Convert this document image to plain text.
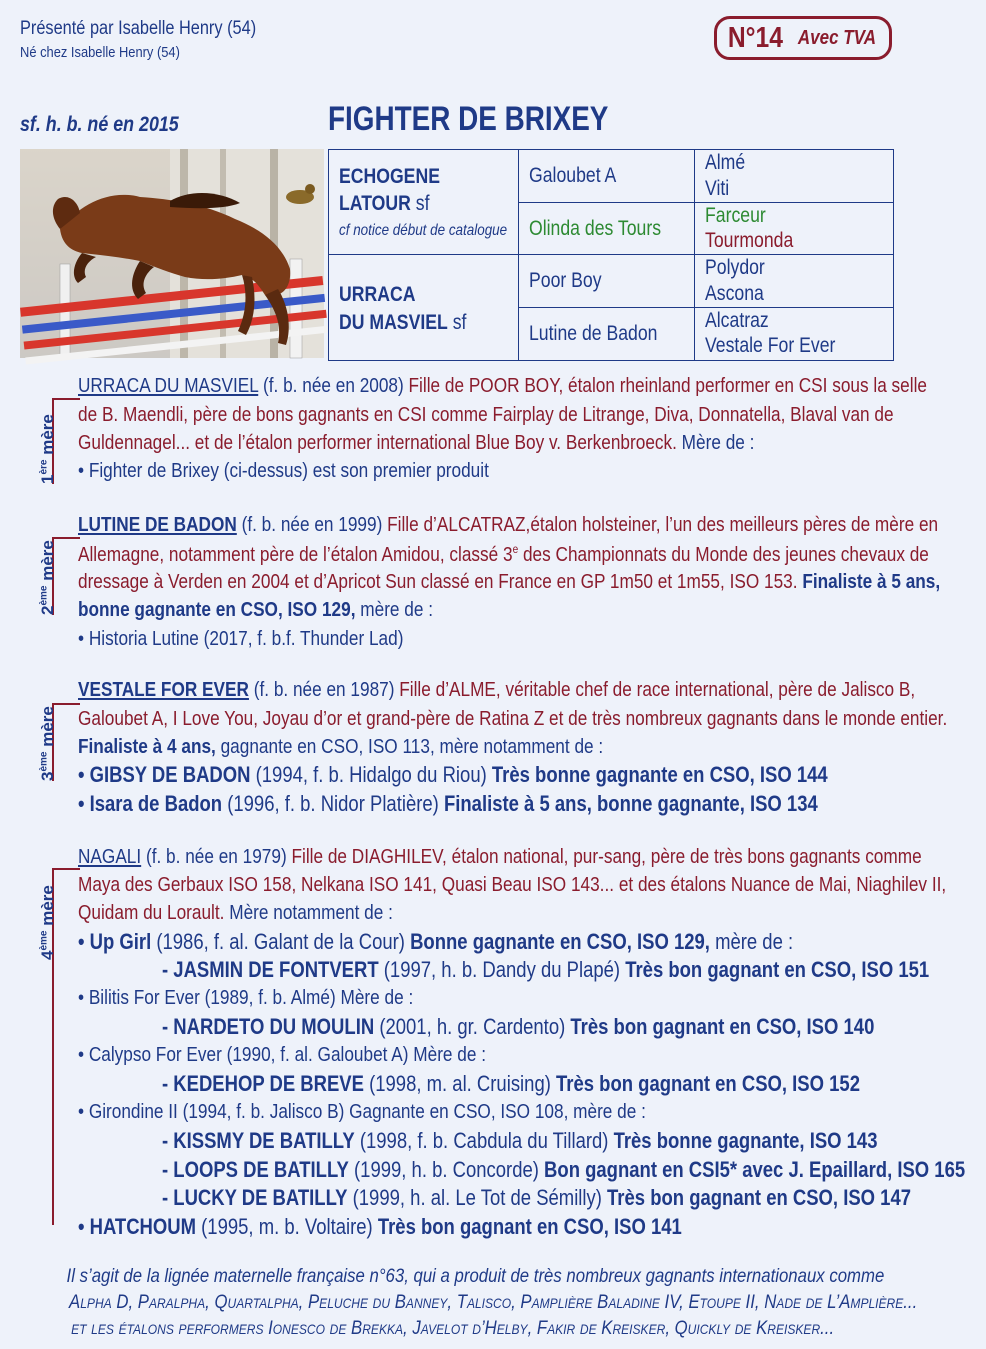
Présenté par Isabelle Henry (54)
Né chez Isabelle Henry (54)	N°14 Avec TVA
sf. h. b. né en 2015	FIGHTER DE BRIXEY
ECHOGENE
LATOUR sf
cf notice début de catalogue
URRACA
DU MASVIEL sf
Galoubet A
Olinda des Tours
Poor Boy
Lutine de Badon
Almé
Viti
Farceur
Tourmonda
Polydor
Ascona
Alcatraz
Vestale For Ever
1ère mère
URRACA DU MASVIEL (f. b. née en 2008) Fille de POOR BOY, étalon rheinland performer en CSI sous la selle
de B. Maendli, père de bons gagnants en CSI comme Fairplay de Litrange, Diva, Donnatella, Blaval van de
Guldennagel... et de l’étalon performer international Blue Boy v. Berkenbroeck. Mère de :
• Fighter de Brixey (ci-dessus) est son premier produit
2ème mère
LUTINE DE BADON (f. b. née en 1999) Fille d’ALCATRAZ,étalon holsteiner, l’un des meilleurs pères de mère en
Allemagne, notamment père de l’étalon Amidou, classé 3e des Championnats du Monde des jeunes chevaux de
dressage à Verden en 2004 et d’Apricot Sun classé en France en GP 1m50 et 1m55, ISO 153. Finaliste à 5 ans,
bonne gagnante en CSO, ISO 129, mère de :
• Historia Lutine (2017, f. b.f. Thunder Lad)
3ème mère
VESTALE FOR EVER (f. b. née en 1987) Fille d’ALME, véritable chef de race international, père de Jalisco B,
Galoubet A, I Love You, Joyau d’or et grand-père de Ratina Z et de très nombreux gagnants dans le monde entier.
Finaliste à 4 ans, gagnante en CSO, ISO 113, mère notamment de :
• GIBSY DE BADON (1994, f. b. Hidalgo du Riou) Très bonne gagnante en CSO, ISO 144
• Isara de Badon (1996, f. b. Nidor Platière) Finaliste à 5 ans, bonne gagnante, ISO 134
4ème mère
NAGALI (f. b. née en 1979) Fille de DIAGHILEV, étalon national, pur-sang, père de très bons gagnants comme
Maya des Gerbaux ISO 158, Nelkana ISO 141, Quasi Beau ISO 143... et des étalons Nuance de Mai, Niaghilev II,
Quidam du Lorault. Mère notamment de :
• Up Girl (1986, f. al. Galant de la Cour) Bonne gagnante en CSO, ISO 129, mère de :
- JASMIN DE FONTVERT (1997, h. b. Dandy du Plapé) Très bon gagnant en CSO, ISO 151
• Bilitis For Ever (1989, f. b. Almé) Mère de :
- NARDETO DU MOULIN (2001, h. gr. Cardento) Très bon gagnant en CSO, ISO 140
• Calypso For Ever (1990, f. al. Galoubet A) Mère de :
- KEDEHOP DE BREVE (1998, m. al. Cruising) Très bon gagnant en CSO, ISO 152
• Girondine II (1994, f. b. Jalisco B) Gagnante en CSO, ISO 108, mère de :
- KISSMY DE BATILLY (1998, f. b. Cabdula du Tillard) Très bonne gagnante, ISO 143
- LOOPS DE BATILLY (1999, h. b. Concorde) Bon gagnant en CSI5* avec J. Epaillard, ISO 165
- LUCKY DE BATILLY (1999, h. al. Le Tot de Sémilly) Très bon gagnant en CSO, ISO 147
• HATCHOUM (1995, m. b. Voltaire) Très bon gagnant en CSO, ISO 141
Il s’agit de la lignée maternelle française n°63, qui a produit de très nombreux gagnants internationaux comme
Alpha D, Paralpha, Quartalpha, Peluche du Banney, Talisco, Pamplière Baladine IV, Etoupe II, Nade de L’Amplière...
et les étalons performers Ionesco de Brekka, Javelot d’Helby, Fakir de Kreisker, Quickly de Kreisker...
